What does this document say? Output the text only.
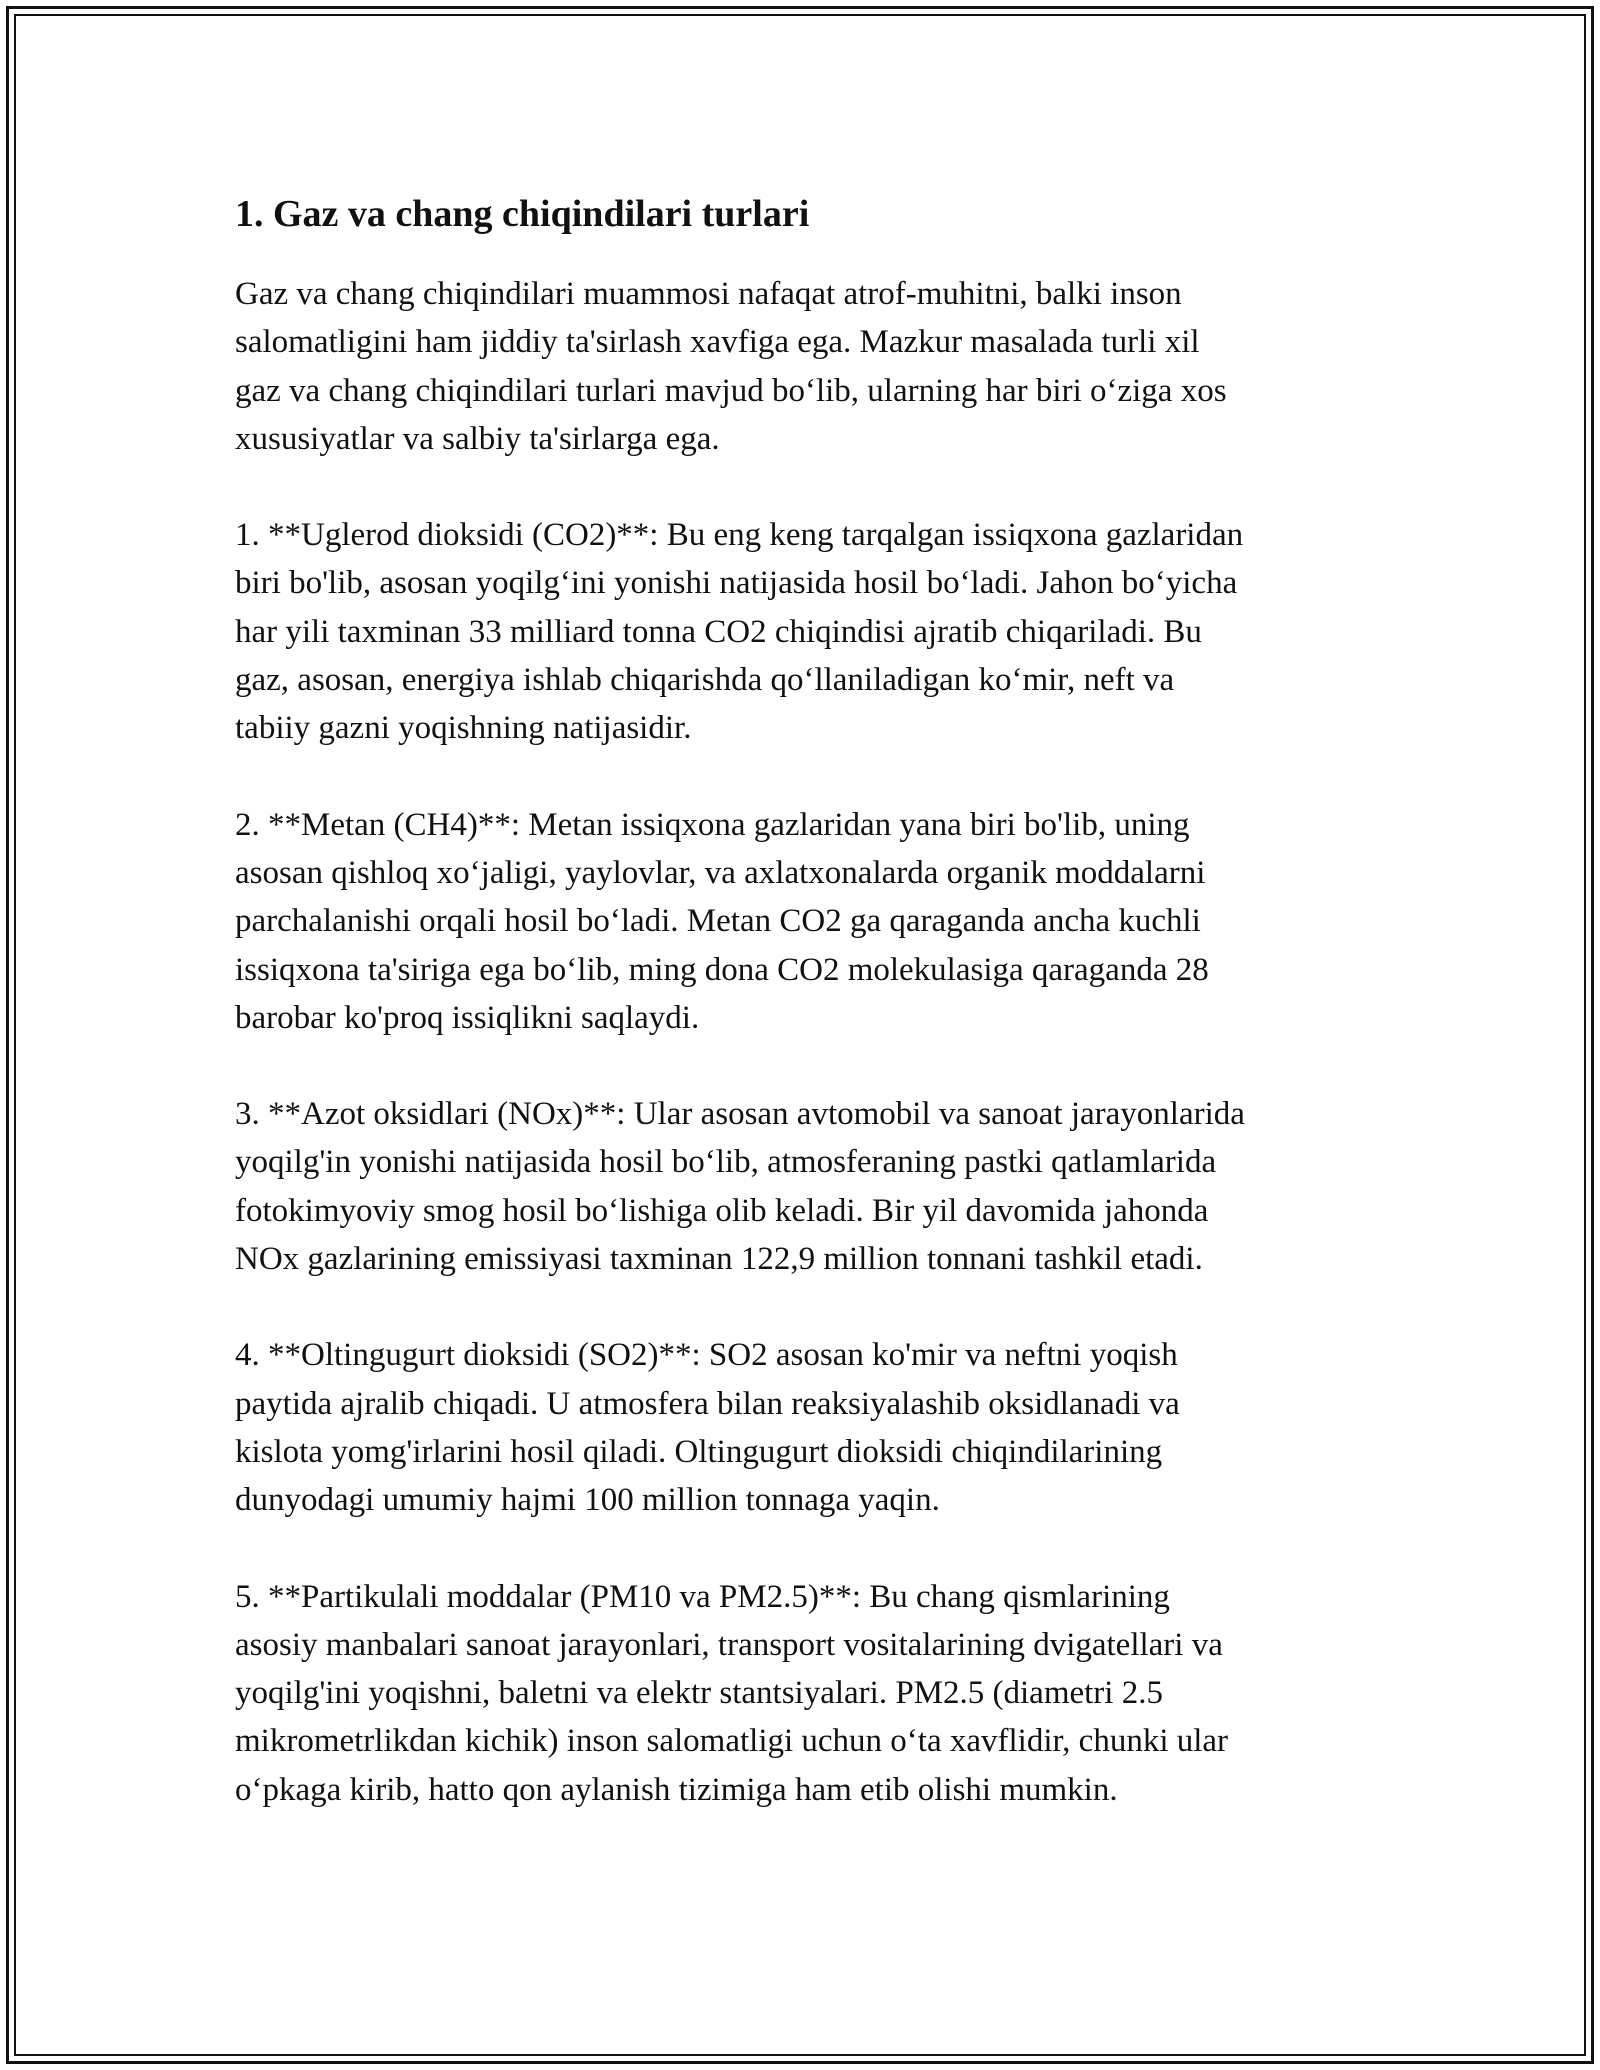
1. Gaz va chang chiqindilari turlari

Gaz va chang chiqindilari muammosi nafaqat atrof-muhitni, balki inson
salomatligini ham jiddiy ta'sirlash xavfiga ega. Mazkur masalada turli xil
gaz va chang chiqindilari turlari mavjud bo‘lib, ularning har biri o‘ziga xos
xususiyatlar va salbiy ta'sirlarga ega.

1. **Uglerod dioksidi (CO2)**: Bu eng keng tarqalgan issiqxona gazlaridan
biri bo'lib, asosan yoqilg‘ini yonishi natijasida hosil bo‘ladi. Jahon bo‘yicha
har yili taxminan 33 milliard tonna CO2 chiqindisi ajratib chiqariladi. Bu
gaz, asosan, energiya ishlab chiqarishda qo‘llaniladigan ko‘mir, neft va
tabiiy gazni yoqishning natijasidir.

2. **Metan (CH4)**: Metan issiqxona gazlaridan yana biri bo'lib, uning
asosan qishloq xo‘jaligi, yaylovlar, va axlatxonalarda organik moddalarni
parchalanishi orqali hosil bo‘ladi. Metan CO2 ga qaraganda ancha kuchli
issiqxona ta'siriga ega bo‘lib, ming dona CO2 molekulasiga qaraganda 28
barobar ko'proq issiqlikni saqlaydi.

3. **Azot oksidlari (NOx)**: Ular asosan avtomobil va sanoat jarayonlarida
yoqilg'in yonishi natijasida hosil bo‘lib, atmosferaning pastki qatlamlarida
fotokimyoviy smog hosil bo‘lishiga olib keladi. Bir yil davomida jahonda
NOx gazlarining emissiyasi taxminan 122,9 million tonnani tashkil etadi.

4. **Oltingugurt dioksidi (SO2)**: SO2 asosan ko'mir va neftni yoqish
paytida ajralib chiqadi. U atmosfera bilan reaksiyalashib oksidlanadi va
kislota yomg'irlarini hosil qiladi. Oltingugurt dioksidi chiqindilarining
dunyodagi umumiy hajmi 100 million tonnaga yaqin.

5. **Partikulali moddalar (PM10 va PM2.5)**: Bu chang qismlarining
asosiy manbalari sanoat jarayonlari, transport vositalarining dvigatellari va
yoqilg'ini yoqishni, baletni va elektr stantsiyalari. PM2.5 (diametri 2.5
mikrometrlikdan kichik) inson salomatligi uchun o‘ta xavflidir, chunki ular
o‘pkaga kirib, hatto qon aylanish tizimiga ham etib olishi mumkin.
